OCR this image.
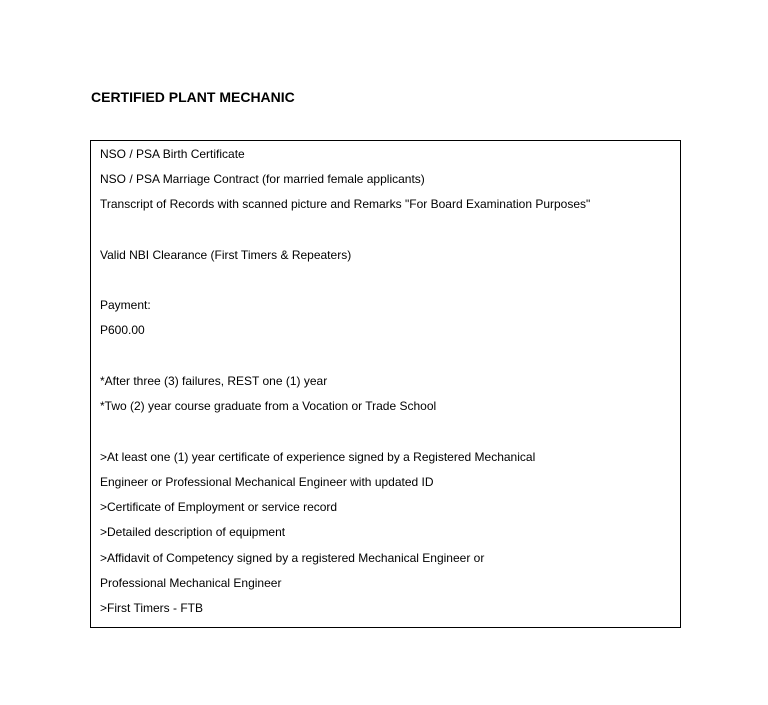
CERTIFIED PLANT MECHANIC
NSO / PSA Birth Certificate
NSO / PSA Marriage Contract (for married female applicants)
Transcript of Records with scanned picture and Remarks "For Board Examination Purposes"
Valid NBI Clearance (First Timers & Repeaters)
Payment:
P600.00
*After three (3) failures, REST one (1) year
*Two (2) year course graduate from a Vocation or Trade School
>At least one (1) year certificate of experience signed by a Registered Mechanical
Engineer or Professional Mechanical Engineer with updated ID
>Certificate of Employment or service record
>Detailed description of equipment
>Affidavit of Competency signed by a registered Mechanical Engineer or
Professional Mechanical Engineer
>First Timers - FTB
